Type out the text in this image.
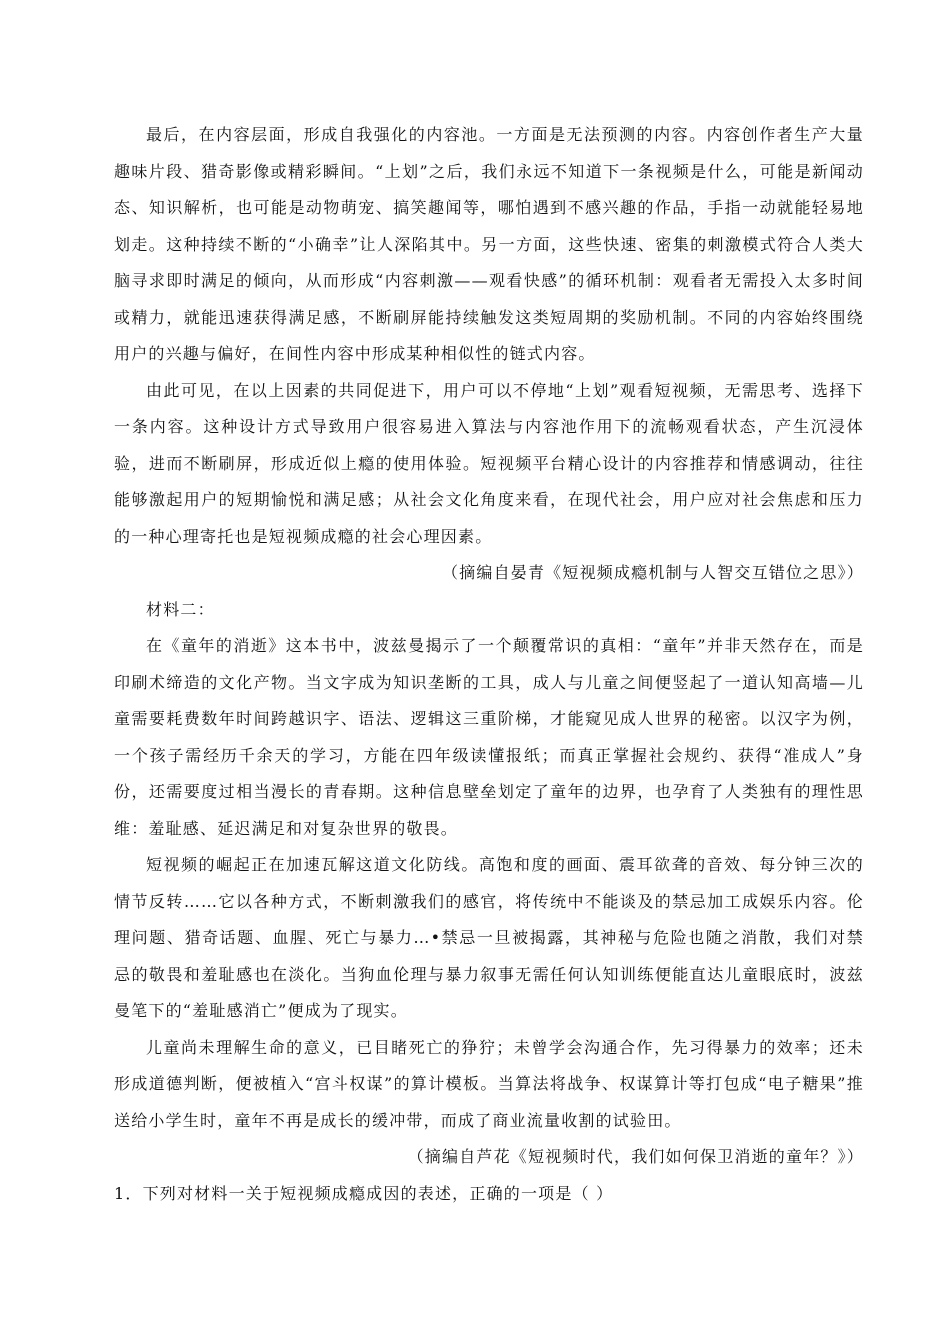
最后，在内容层面，形成自我强化的内容池。一方面是无法预测的内容。内容创作者生产大量趣味片段、猎奇影像或精彩瞬间。“上划”之后，我们永远不知道下一条视频是什么，可能是新闻动态、知识解析，也可能是动物萌宠、搞笑趣闻等，哪怕遇到不感兴趣的作品，手指一动就能轻易地划走。这种持续不断的“小确幸”让人深陷其中。另一方面，这些快速、密集的刺激模式符合人类大脑寻求即时满足的倾向，从而形成“内容刺激——观看快感”的循环机制：观看者无需投入太多时间或精力，就能迅速获得满足感，不断刷屏能持续触发这类短周期的奖励机制。不同的内容始终围绕用户的兴趣与偏好，在间性内容中形成某种相似性的链式内容。

由此可见，在以上因素的共同促进下，用户可以不停地“上划”观看短视频，无需思考、选择下一条内容。这种设计方式导致用户很容易进入算法与内容池作用下的流畅观看状态，产生沉浸体验，进而不断刷屏，形成近似上瘾的使用体验。短视频平台精心设计的内容推荐和情感调动，往往能够激起用户的短期愉悦和满足感；从社会文化角度来看，在现代社会，用户应对社会焦虑和压力的一种心理寄托也是短视频成瘾的社会心理因素。

（摘编自晏青《短视频成瘾机制与人智交互错位之思》）

材料二：

在《童年的消逝》这本书中，波兹曼揭示了一个颠覆常识的真相：“童年”并非天然存在，而是印刷术缔造的文化产物。当文字成为知识垄断的工具，成人与儿童之间便竖起了一道认知高墙—儿童需要耗费数年时间跨越识字、语法、逻辑这三重阶梯，才能窥见成人世界的秘密。以汉字为例，一个孩子需经历千余天的学习，方能在四年级读懂报纸；而真正掌握社会规约、获得“准成人”身份，还需要度过相当漫长的青春期。这种信息壁垒划定了童年的边界，也孕育了人类独有的理性思维：羞耻感、延迟满足和对复杂世界的敬畏。

短视频的崛起正在加速瓦解这道文化防线。高饱和度的画面、震耳欲聋的音效、每分钟三次的情节反转……它以各种方式，不断刺激我们的感官，将传统中不能谈及的禁忌加工成娱乐内容。伦理问题、猎奇话题、血腥、死亡与暴力…•禁忌一旦被揭露，其神秘与危险也随之消散，我们对禁忌的敬畏和羞耻感也在淡化。当狗血伦理与暴力叙事无需任何认知训练便能直达儿童眼底时，波兹曼笔下的“羞耻感消亡”便成为了现实。

儿童尚未理解生命的意义，已目睹死亡的狰狞；未曾学会沟通合作，先习得暴力的效率；还未形成道德判断，便被植入“宫斗权谋”的算计模板。当算法将战争、权谋算计等打包成“电子糖果”推送给小学生时，童年不再是成长的缓冲带，而成了商业流量收割的试验田。

（摘编自芦花《短视频时代，我们如何保卫消逝的童年？》）

1．下列对材料一关于短视频成瘾成因的表述，正确的一项是（ ）
